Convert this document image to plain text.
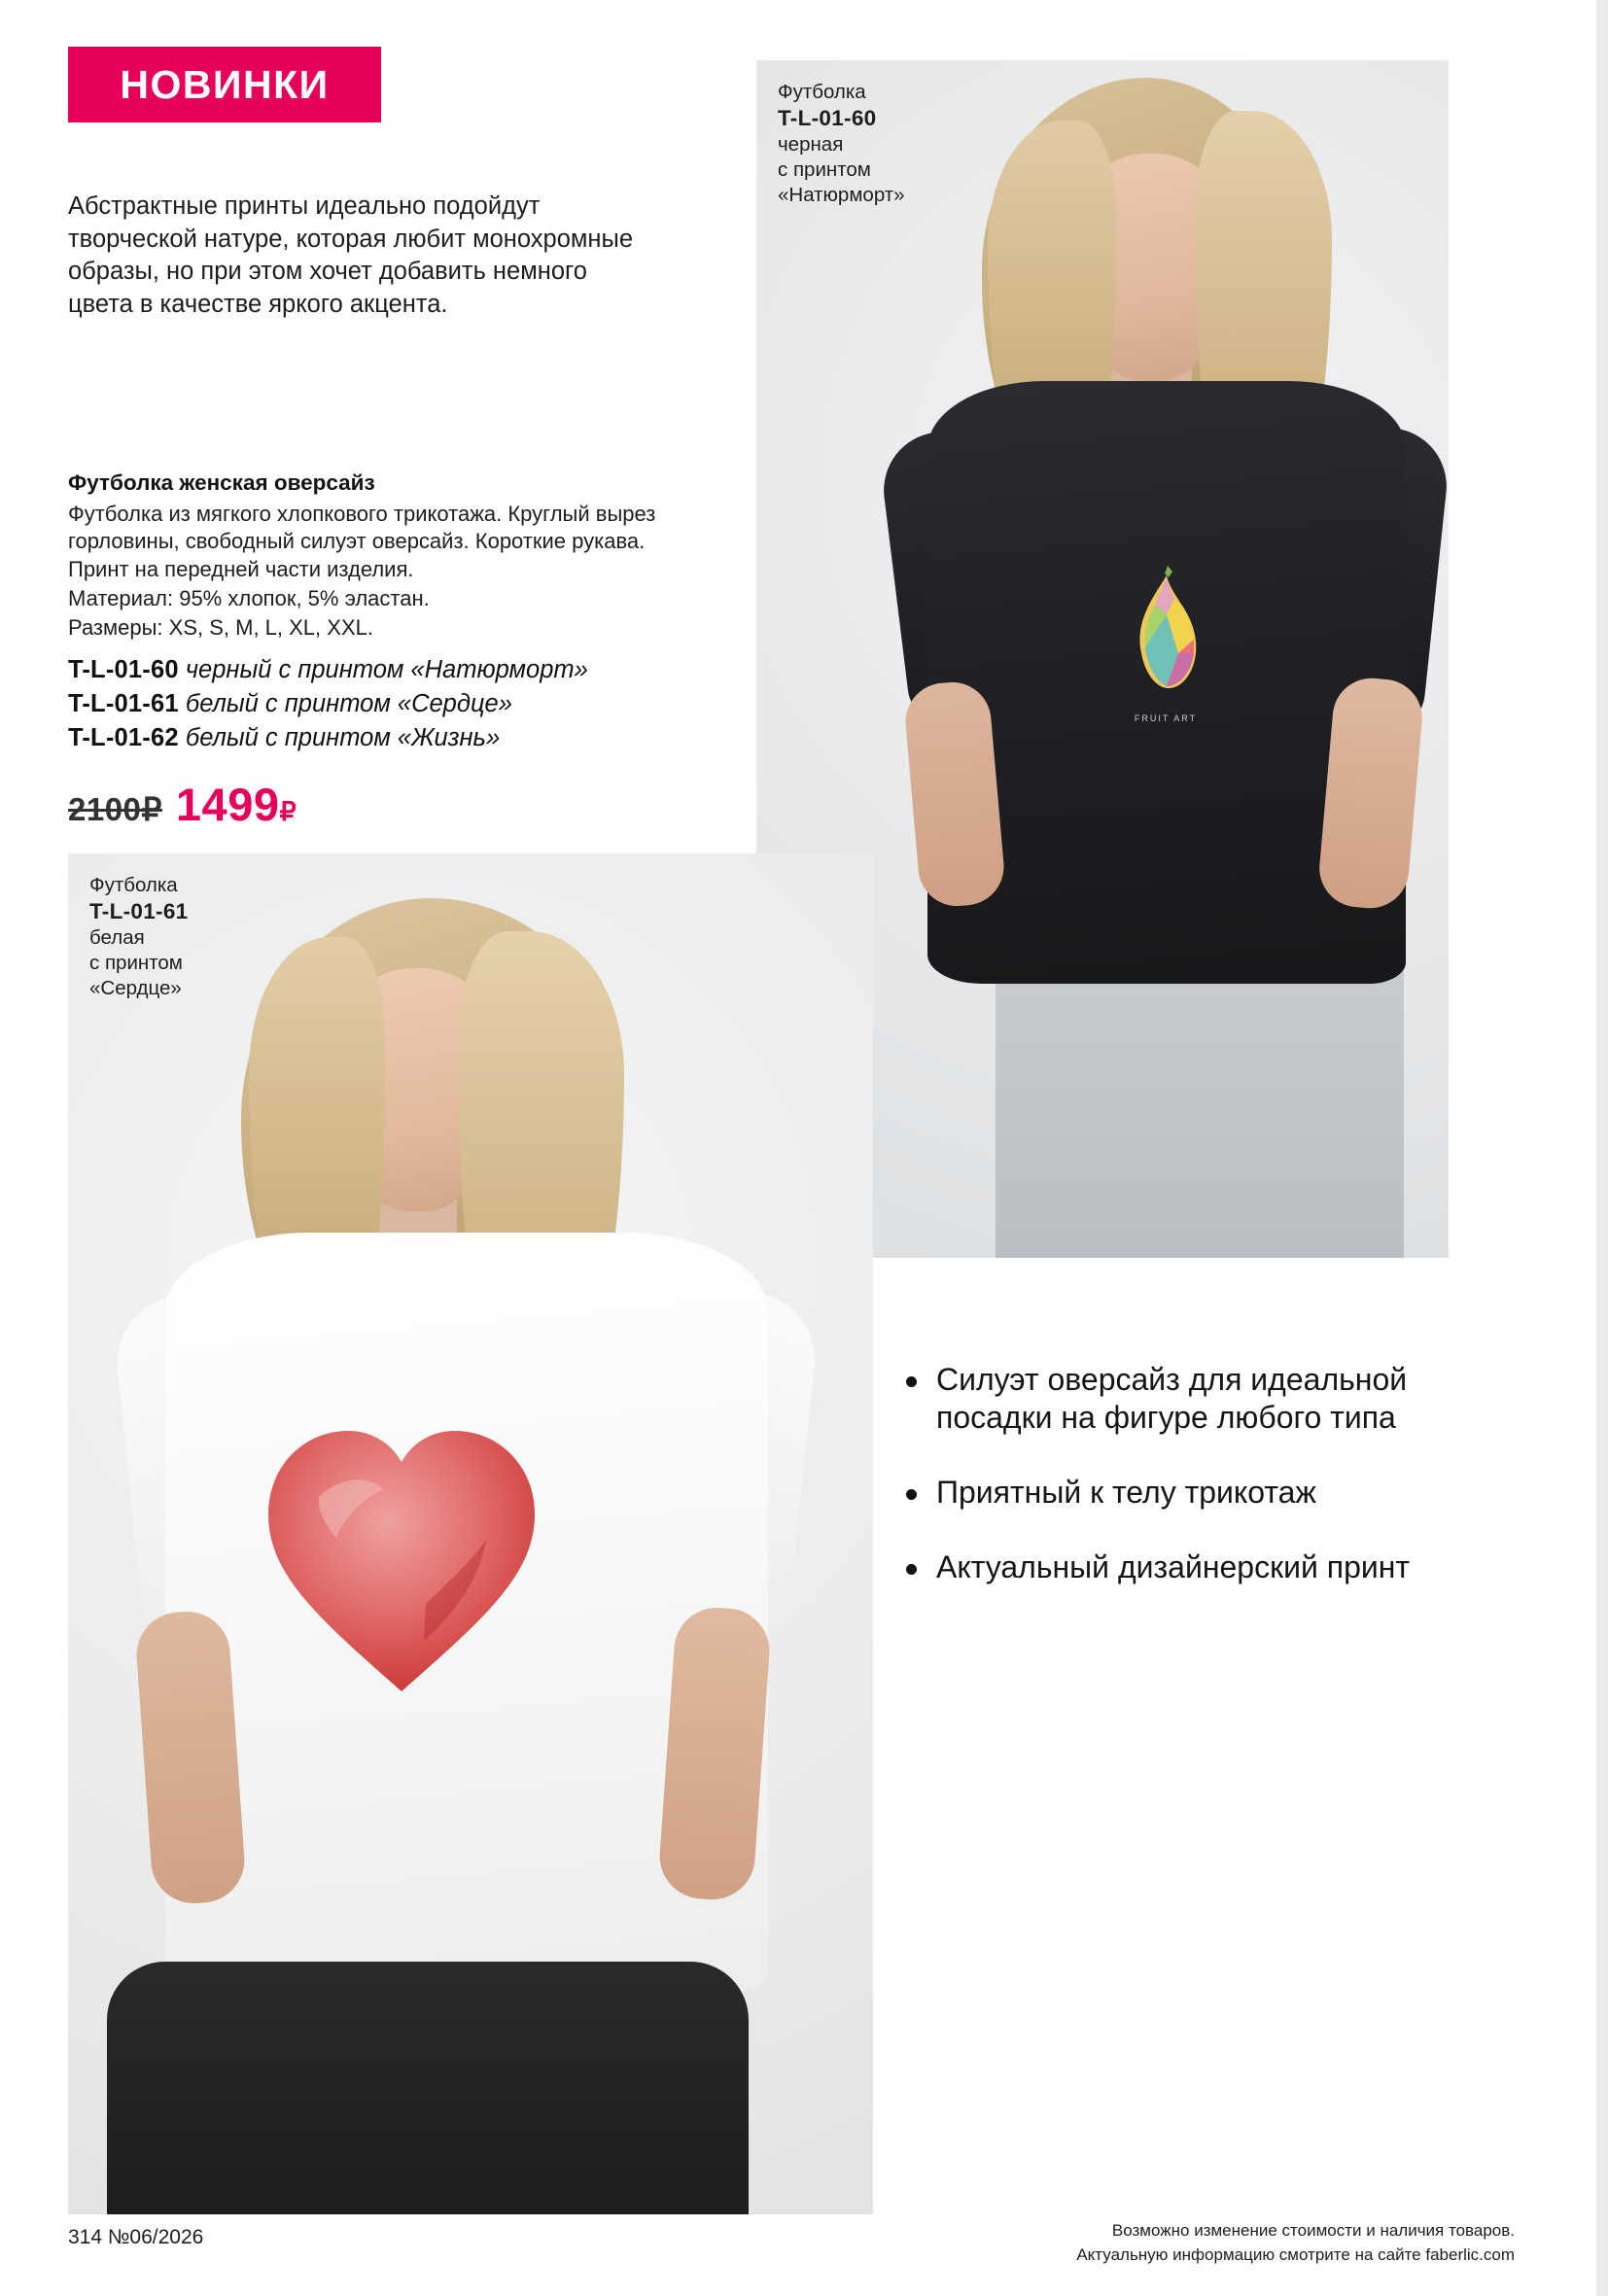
НОВИНКИ
Абстрактные принты идеально подойдут творческой натуре, которая любит монохромные образы, но при этом хочет добавить немного цвета в качестве яркого акцента.
Футболка женская оверсайз
Футболка из мягкого хлопкового трикотажа. Круглый вырез горловины, свободный силуэт оверсайз. Короткие рукава. Принт на передней части изделия.
Материал: 95% хлопок, 5% эластан.
Размеры: XS, S, M, L, XL, XXL.
T-L-01-60 черный с принтом «Натюрморт»
T-L-01-61 белый с принтом «Сердце»
T-L-01-62 белый с принтом «Жизнь»
2100₽ 1499₽
FRUIT ART
Футболка
T-L-01-60
черная
с принтом
«Натюрморт»
Футболка
T-L-01-61
белая
с принтом
«Сердце»
Силуэт оверсайз для идеальной посадки на фигуре любого типа
Приятный к телу трикотаж
Актуальный дизайнерский принт
314 №06/2026	Возможно изменение стоимости и наличия товаров.
Актуальную информацию смотрите на сайте faberlic.com
